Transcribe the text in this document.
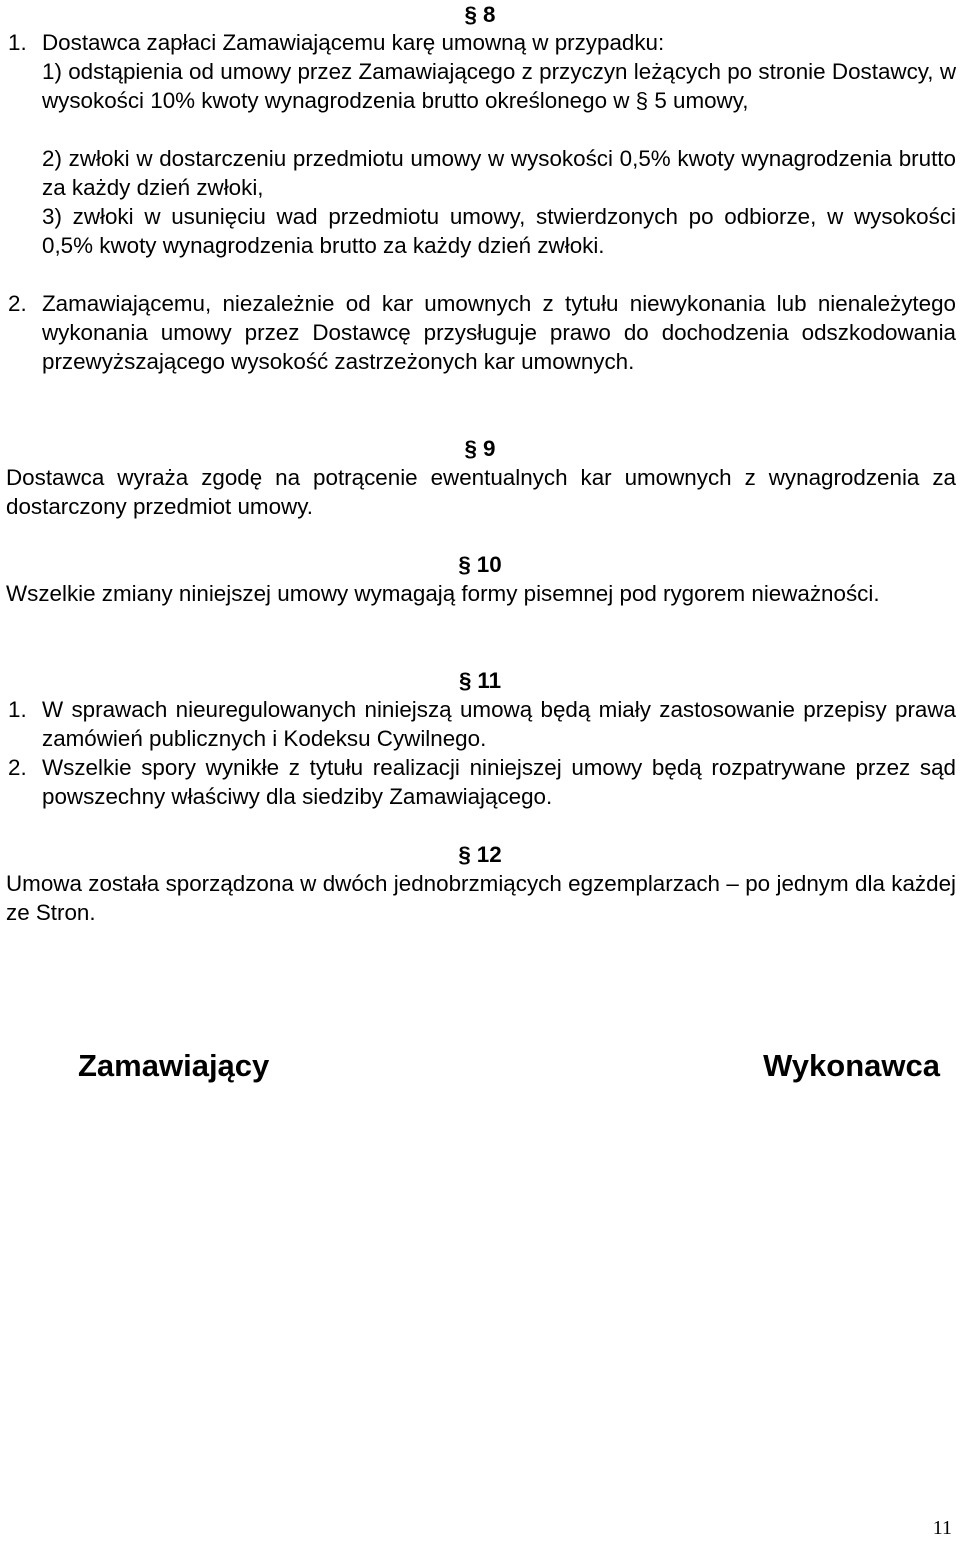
§ 8
1. Dostawca zapłaci Zamawiającemu karę umowną w przypadku:
1) odstąpienia od umowy przez Zamawiającego z przyczyn leżących po stronie Dostawcy, w wysokości 10% kwoty wynagrodzenia brutto określonego w § 5 umowy,
2) zwłoki w dostarczeniu przedmiotu umowy w wysokości 0,5% kwoty wynagrodzenia brutto za każdy dzień zwłoki,
3) zwłoki w usunięciu wad przedmiotu umowy, stwierdzonych po odbiorze, w wysokości 0,5% kwoty wynagrodzenia brutto za każdy dzień zwłoki.
2. Zamawiającemu, niezależnie od kar umownych z tytułu niewykonania lub nienależytego wykonania umowy przez Dostawcę przysługuje prawo do dochodzenia odszkodowania przewyższającego wysokość zastrzeżonych kar umownych.
§ 9
Dostawca wyraża zgodę na potrącenie ewentualnych kar umownych z wynagrodzenia za dostarczony przedmiot umowy.
§ 10
Wszelkie zmiany niniejszej umowy wymagają formy pisemnej pod rygorem nieważności.
§ 11
1. W sprawach nieuregulowanych niniejszą umową będą miały zastosowanie przepisy prawa zamówień publicznych i Kodeksu Cywilnego.
2. Wszelkie spory wynikłe z tytułu realizacji niniejszej umowy będą rozpatrywane przez sąd powszechny właściwy dla siedziby Zamawiającego.
§ 12
Umowa została sporządzona w dwóch jednobrzmiących egzemplarzach – po jednym dla każdej ze Stron.
Zamawiający	Wykonawca
11
